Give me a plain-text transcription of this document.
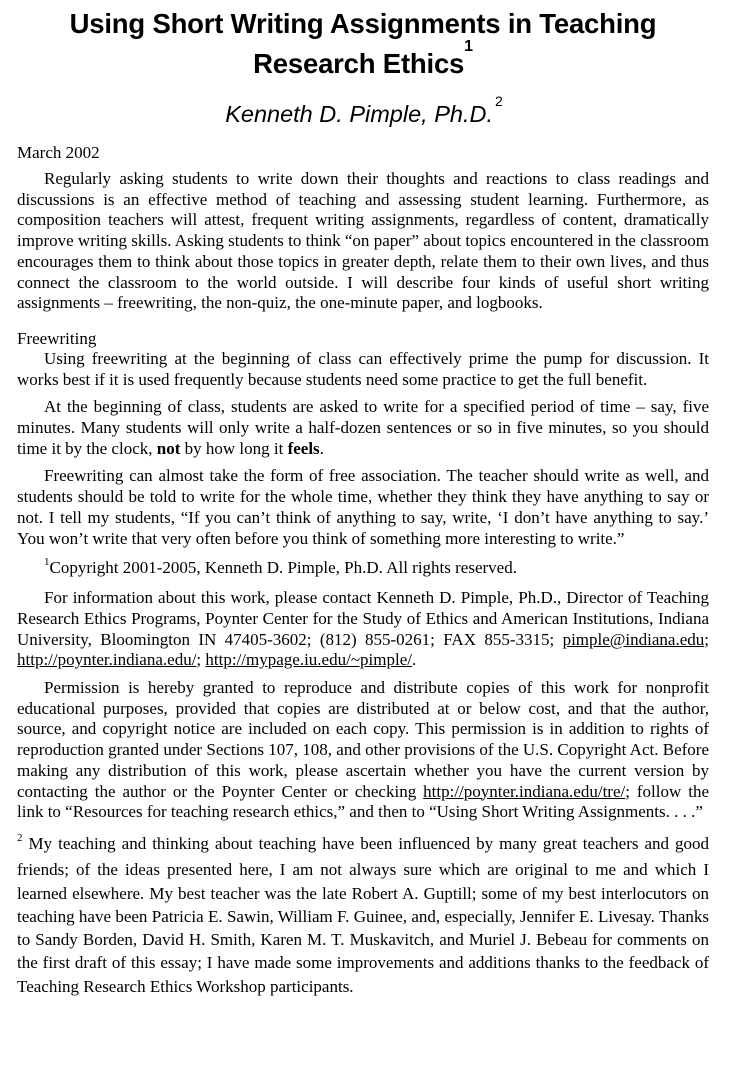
Using Short Writing Assignments in Teaching
Research Ethics$^1$
Kenneth D. Pimple, Ph.D. $^2$
March 2002

Regularly asking students to write down their thoughts and reactions to class readings and discussions is an effective method of teaching and assessing student learning. Furthermore, as composition teachers will attest, frequent writing assignments, regardless of content, dramatically improve writing skills. Asking students to think “on paper” about topics encountered in the classroom encourages them to think about those topics in greater depth, relate them to their own lives, and thus connect the classroom to the world outside. I will describe four kinds of useful short writing assignments – freewriting, the non-quiz, the one-minute paper, and logbooks.

Freewriting

Using freewriting at the beginning of class can effectively prime the pump for discussion. It works best if it is used frequently because students need some practice to get the full benefit.

At the beginning of class, students are asked to write for a specified period of time – say, five minutes. Many students will only write a half-dozen sentences or so in five minutes, so you should time it by the clock, not by how long it feels.

Freewriting can almost take the form of free association. The teacher should write as well, and students should be told to write for the whole time, whether they think they have anything to say or not. I tell my students, “If you can’t think of anything to say, write, ‘I don’t have anything to say.’ You won’t write that very often before you think of something more interesting to write.”

$^1$Copyright 2001-2005, Kenneth D. Pimple, Ph.D. All rights reserved.

For information about this work, please contact Kenneth D. Pimple, Ph.D., Director of Teaching Research Ethics Programs, Poynter Center for the Study of Ethics and American Institutions, Indiana University, Bloomington IN 47405-3602; (812) 855-0261; FAX 855-3315; pimple@indiana.edu; http://poynter.indiana.edu/; http://mypage.iu.edu/~pimple/.

Permission is hereby granted to reproduce and distribute copies of this work for nonprofit educational purposes, provided that copies are distributed at or below cost, and that the author, source, and copyright notice are included on each copy. This permission is in addition to rights of reproduction granted under Sections 107, 108, and other provisions of the U.S. Copyright Act. Before making any distribution of this work, please ascertain whether you have the current version by contacting the author or the Poynter Center or checking http://poynter.indiana.edu/tre/; follow the link to “Resources for teaching research ethics,” and then to “Using Short Writing Assignments. . . .”

$^2$ My teaching and thinking about teaching have been influenced by many great teachers and good friends; of the ideas presented here, I am not always sure which are original to me and which I learned elsewhere. My best teacher was the late Robert A. Guptill; some of my best interlocutors on teaching have been Patricia E. Sawin, William F. Guinee, and, especially, Jennifer E. Livesay. Thanks to Sandy Borden, David H. Smith, Karen M. T. Muskavitch, and Muriel J. Bebeau for comments on the first draft of this essay; I have made some improvements and additions thanks to the feedback of Teaching Research Ethics Workshop participants.
